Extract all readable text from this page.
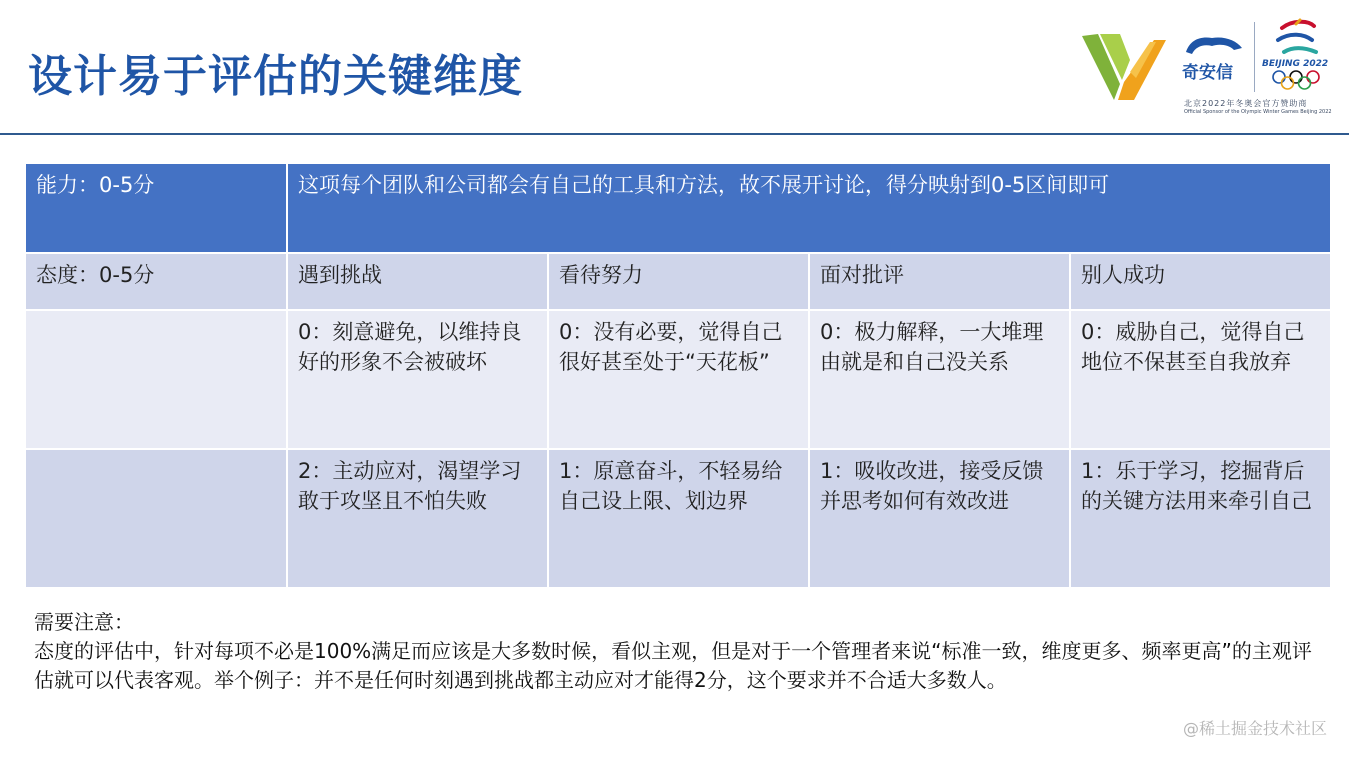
设计易于评估的关键维度	奇安信	BEIJING 2022
北京2022年冬奥会官方赞助商
Official Sponsor of the Olympic Winter Games Beijing 2022
能力：0-5分	这项每个团队和公司都会有自己的工具和方法，故不展开讨论，得分映射到0-5区间即可			
态度：0-5分	遇到挑战	看待努力	面对批评	别人成功
	0：刻意避免，以维持良好的形象不会被破坏	0：没有必要，觉得自己很好甚至处于“天花板”	0：极力解释，一大堆理由就是和自己没关系	0：威胁自己，觉得自己地位不保甚至自我放弃
	2：主动应对，渴望学习敢于攻坚且不怕失败	1：原意奋斗，不轻易给自己设上限、划边界	1：吸收改进，接受反馈并思考如何有效改进	1：乐于学习，挖掘背后的关键方法用来牵引自己
需要注意：
态度的评估中，针对每项不必是100%满足而应该是大多数时候，看似主观，但是对于一个管理者来说“标准一致，维度更多、频率更高”的主观评估就可以代表客观。举个例子：并不是任何时刻遇到挑战都主动应对才能得2分，这个要求并不合适大多数人。
@稀土掘金技术社区
